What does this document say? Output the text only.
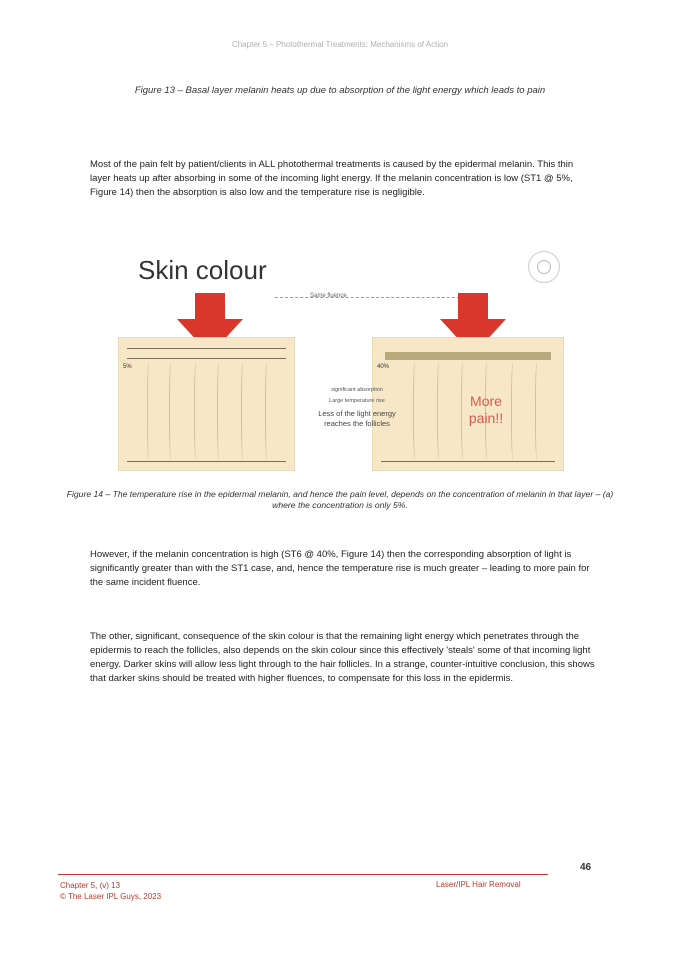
Chapter 5 – Photothermal Treatments: Mechanisms of Action
Figure 13 – Basal layer melanin heats up due to absorption of the light energy which leads to pain
Most of the pain felt by patient/clients in ALL photothermal treatments is caused by the epidermal melanin. This thin layer heats up after absorbing in some of the incoming light energy. If the melanin concentration is low (ST1 @ 5%, Figure 14) then the absorption is also low and the temperature rise is negligible.
Skin colour
Same fluence
5%	40%
significant absorption
Large temperature rise
Less of the light energy reaches the follicles
More pain!!
Figure 14 – The temperature rise in the epidermal melanin, and hence the pain level, depends on the concentration of melanin in that layer – (a) where the concentration is only 5%.
However, if the melanin concentration is high (ST6 @ 40%, Figure 14) then the corresponding absorption of light is significantly greater than with the ST1 case, and, hence the temperature rise is much greater – leading to more pain for the same incident fluence.
The other, significant, consequence of the skin colour is that the remaining light energy which penetrates through the epidermis to reach the follicles, also depends on the skin colour since this effectively 'steals' some of that incoming light energy. Darker skins will allow less light through to the hair follicles. In a strange, counter-intuitive conclusion, this shows that darker skins should be treated with higher fluences, to compensate for this loss in the epidermis.
46
Chapter 5, (v) 13
© The Laser IPL Guys, 2023
Laser/IPL Hair Removal
